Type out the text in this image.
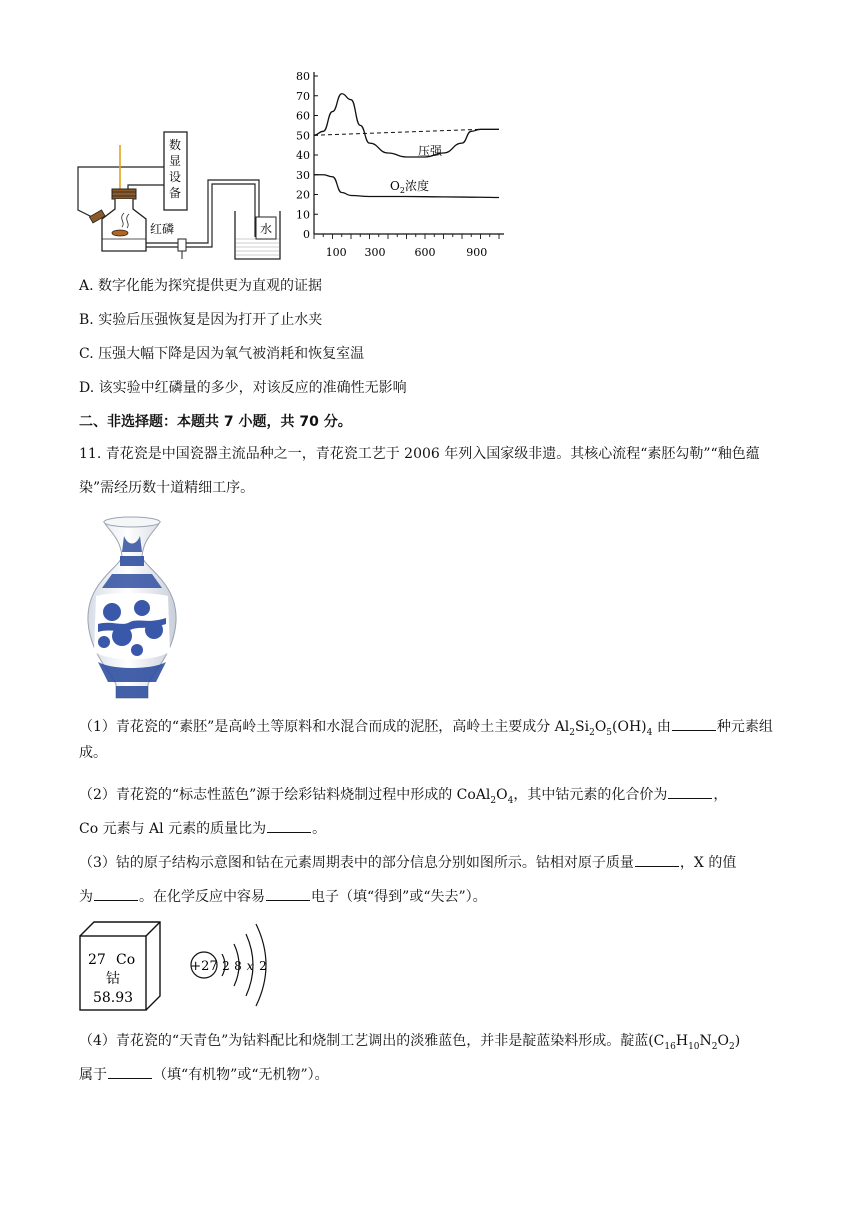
数
显
设
备
红磷	水
80
70
60
50
40
30
20
10
0
100 300	600	900
压强
$O_2$浓度
A. 数字化能为探究提供更为直观的证据
B. 实验后压强恢复是因为打开了止水夹
C. 压强大幅下降是因为氧气被消耗和恢复室温
D. 该实验中红磷量的多少，对该反应的准确性无影响
二、非选择题：本题共 7 小题，共 70 分。
11. 青花瓷是中国瓷器主流品种之一，青花瓷工艺于 2006 年列入国家级非遗。其核心流程“素胚勾勒”“釉色蕴染”需经历数十道精细工序。
（1）青花瓷的“素胚”是高岭土等原料和水混合而成的泥胚，高岭土主要成分 $Al_2Si_2O_5(OH)_4$ 由	种元素组成。
（2）青花瓷的“标志性蓝色”源于绘彩钴料烧制过程中形成的 $CoAl_2O_4$，其中钴元素的化合价为	，
Co 元素与 Al 元素的质量比为	。
（3）钴的原子结构示意图和钴在元素周期表中的部分信息分别如图所示。钴相对原子质量	，X 的值
为	。在化学反应中容易	电子（填“得到”或“失去”）。
27 Co
钴
58.93
+27 2 8 x 2
（4）青花瓷的“天青色”为钴料配比和烧制工艺调出的淡雅蓝色，并非是靛蓝染料形成。靛蓝$(C_{16}H_{10}N_2O_2)$
属于	（填“有机物”或“无机物”）。
